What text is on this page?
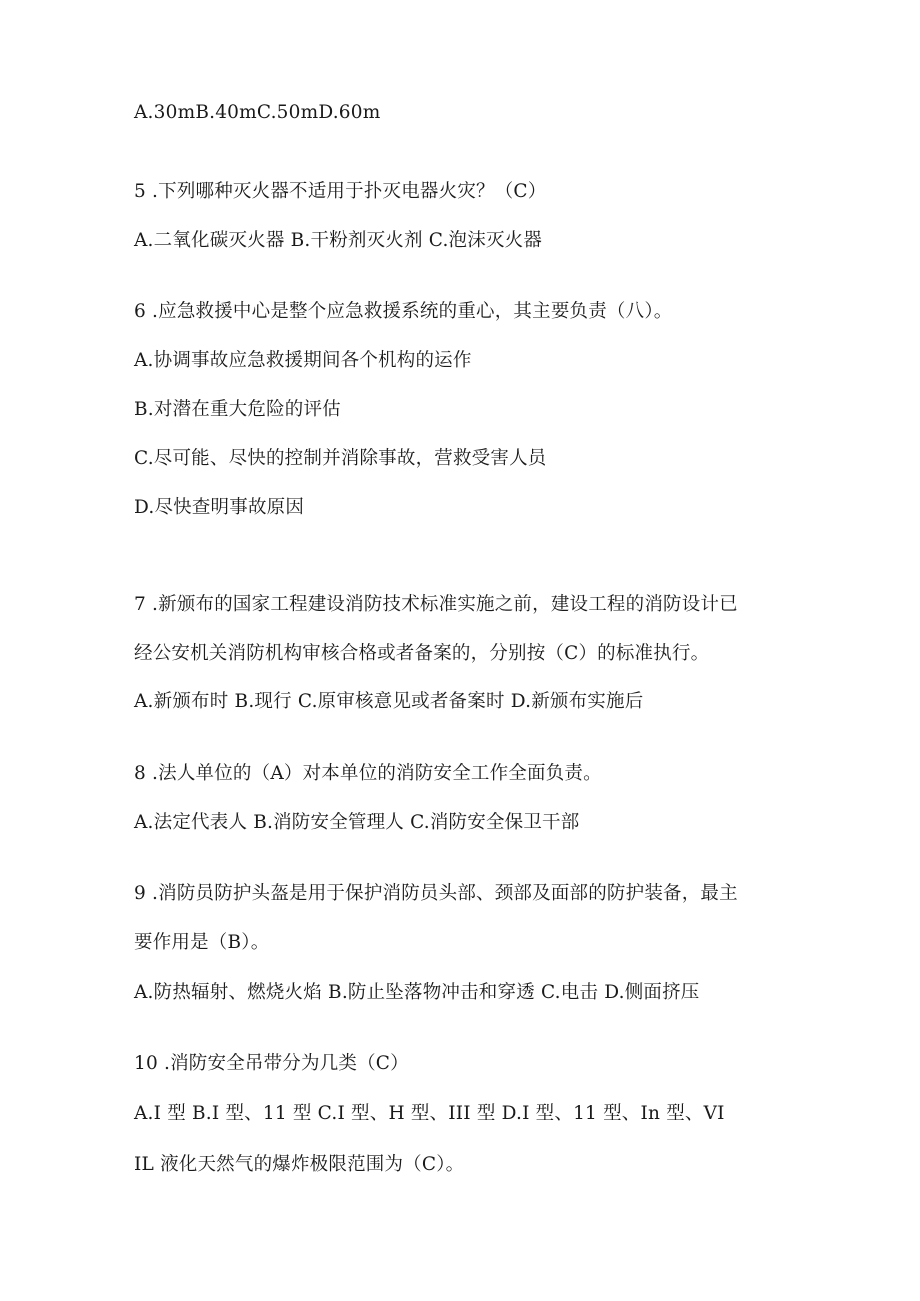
A.30mB.40mC.50mD.60m
5 .下列哪种灭火器不适用于扑灭电器火灾？（C）
A.二氧化碳灭火器 B.干粉剂灭火剂 C.泡沫灭火器
6 .应急救援中心是整个应急救援系统的重心，其主要负责（八）。
A.协调事故应急救援期间各个机构的运作
B.对潜在重大危险的评估
C.尽可能、尽快的控制并消除事故，营救受害人员
D.尽快查明事故原因
7 .新颁布的国家工程建设消防技术标准实施之前，建设工程的消防设计已
经公安机关消防机构审核合格或者备案的，分别按（C）的标准执行。
A.新颁布时 B.现行 C.原审核意见或者备案时 D.新颁布实施后
8 .法人单位的（A）对本单位的消防安全工作全面负责。
A.法定代表人 B.消防安全管理人 C.消防安全保卫干部
9 .消防员防护头盔是用于保护消防员头部、颈部及面部的防护装备，最主
要作用是（B）。
A.防热辐射、燃烧火焰 B.防止坠落物冲击和穿透 C.电击 D.侧面挤压
10 .消防安全吊带分为几类（C）
A.I 型 B.I 型、11 型 C.I 型、H 型、III 型 D.I 型、11 型、In 型、VI
IL 液化天然气的爆炸极限范围为（C）。
